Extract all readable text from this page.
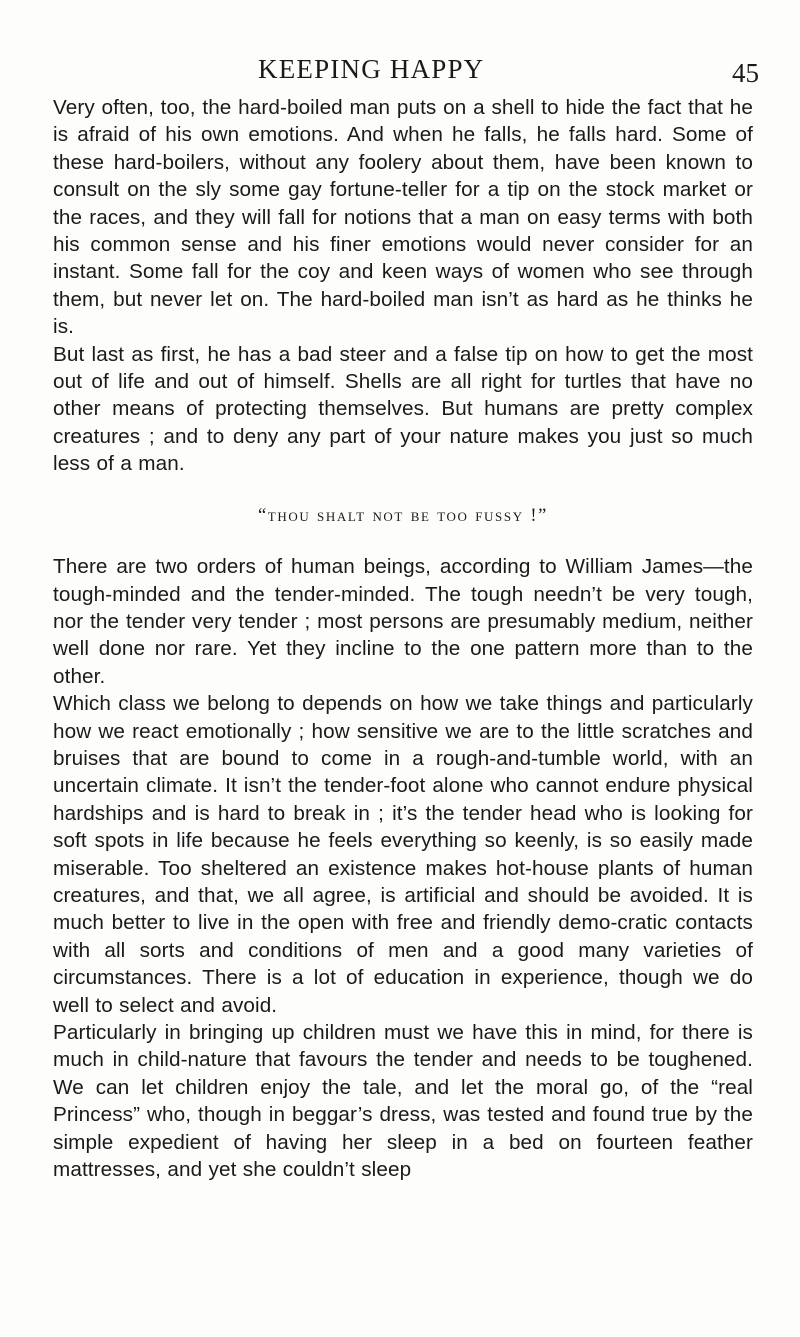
KEEPING HAPPY	45

Very often, too, the hard-boiled man puts on a shell to hide the fact that he is afraid of his own emotions. And when he falls, he falls hard. Some of these hard-boilers, without any foolery about them, have been known to consult on the sly some gay fortune-teller for a tip on the stock market or the races, and they will fall for notions that a man on easy terms with both his common sense and his finer emotions would never consider for an instant. Some fall for the coy and keen ways of women who see through them, but never let on. The hard-boiled man isn’t as hard as he thinks he is.

But last as first, he has a bad steer and a false tip on how to get the most out of life and out of himself. Shells are all right for turtles that have no other means of protecting themselves. But humans are pretty complex creatures ; and to deny any part of your nature makes you just so much less of a man.

“thou shalt not be too fussy !”

There are two orders of human beings, according to William James—the tough-minded and the tender-minded. The tough needn’t be very tough, nor the tender very tender ; most persons are presumably medium, neither well done nor rare. Yet they incline to the one pattern more than to the other.

Which class we belong to depends on how we take things and particularly how we react emotionally ; how sensitive we are to the little scratches and bruises that are bound to come in a rough-and-tumble world, with an uncertain climate. It isn’t the tender-foot alone who cannot endure physical hardships and is hard to break in ; it’s the tender head who is looking for soft spots in life because he feels everything so keenly, is so easily made miserable. Too sheltered an existence makes hot-house plants of human creatures, and that, we all agree, is artificial and should be avoided. It is much better to live in the open with free and friendly demo-cratic contacts with all sorts and conditions of men and a good many varieties of circumstances. There is a lot of education in experience, though we do well to select and avoid.

Particularly in bringing up children must we have this in mind, for there is much in child-nature that favours the tender and needs to be toughened. We can let children enjoy the tale, and let the moral go, of the “real Princess” who, though in beggar’s dress, was tested and found true by the simple expedient of having her sleep in a bed on fourteen feather mattresses, and yet she couldn’t sleep
